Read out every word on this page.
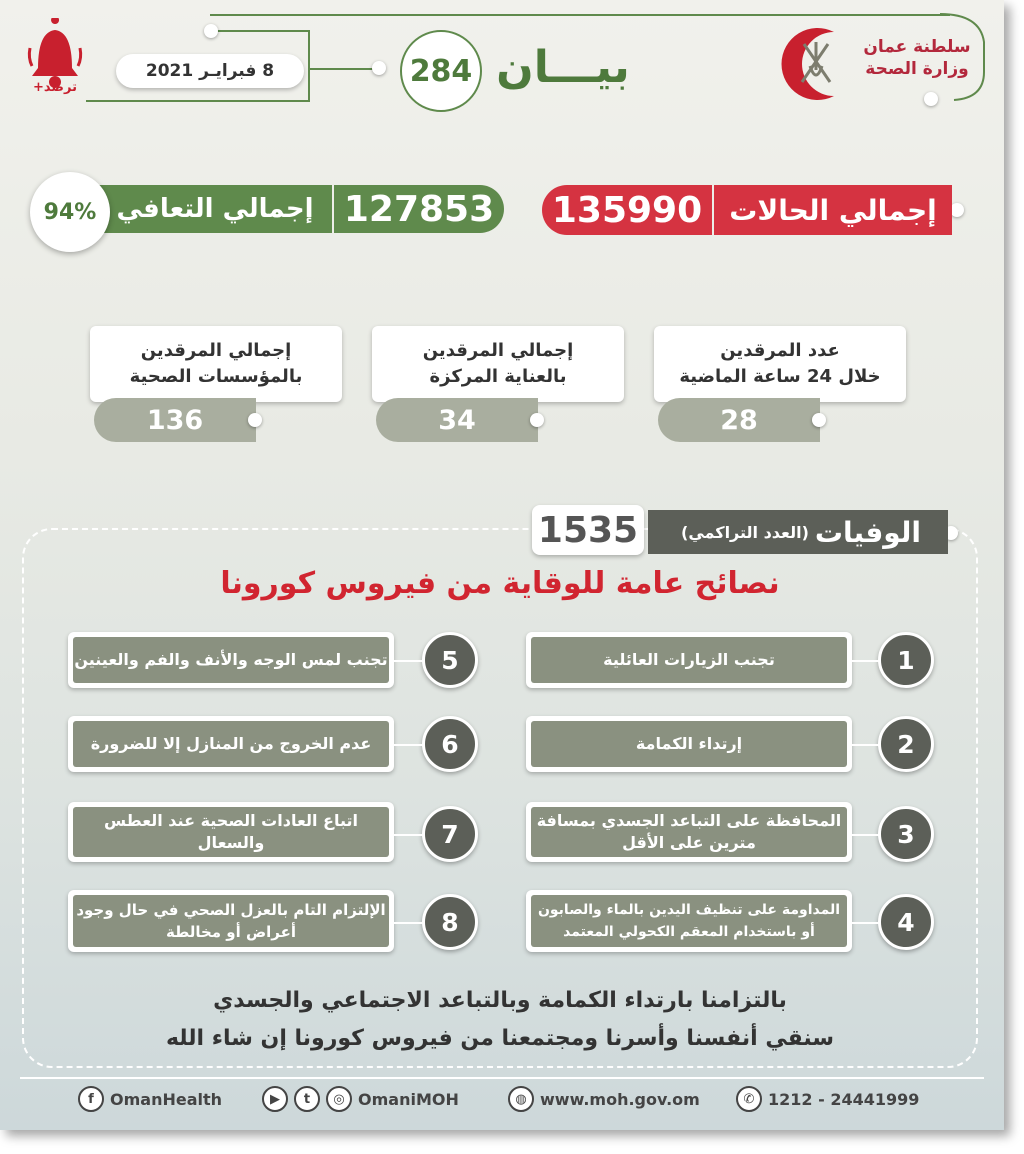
ترصُّد+
8 فبرايـر 2021	284 بيـــان	سلطنة عمان
وزارة الصحة
إجمالي الحالات
135990
127853
إجمالي التعافي
94%
عدد المرقدين
خلال 24 ساعة الماضية
28
إجمالي المرقدين
بالعناية المركزة
34
إجمالي المرقدين
بالمؤسسات الصحية
136
الوفيات
(العدد التراكمي)
1535
نصائح عامة للوقاية من فيروس كورونا
تجنب الزيارات العائلية	1
إرتداء الكمامة	2
المحافظة على التباعد الجسدي بمسافة مترين على الأقل	3
المداومة على تنظيف اليدين بالماء والصابون أو باستخدام المعقم الكحولي المعتمد	4
تجنب لمس الوجه والأنف والفم والعينين	5
عدم الخروج من المنازل إلا للضرورة	6
اتباع العادات الصحية عند العطس والسعال	7
الإلتزام التام بالعزل الصحي في حال وجود أعراض أو مخالطة	8
بالتزامنا بارتداء الكمامة وبالتباعد الاجتماعي والجسدي
سنقي أنفسنا وأسرنا ومجتمعنا من فيروس كورونا إن شاء الله
f	OmanHealth	▶	t	◎ OmaniMOH	◍ www.moh.gov.om	✆ 1212 - 24441999
